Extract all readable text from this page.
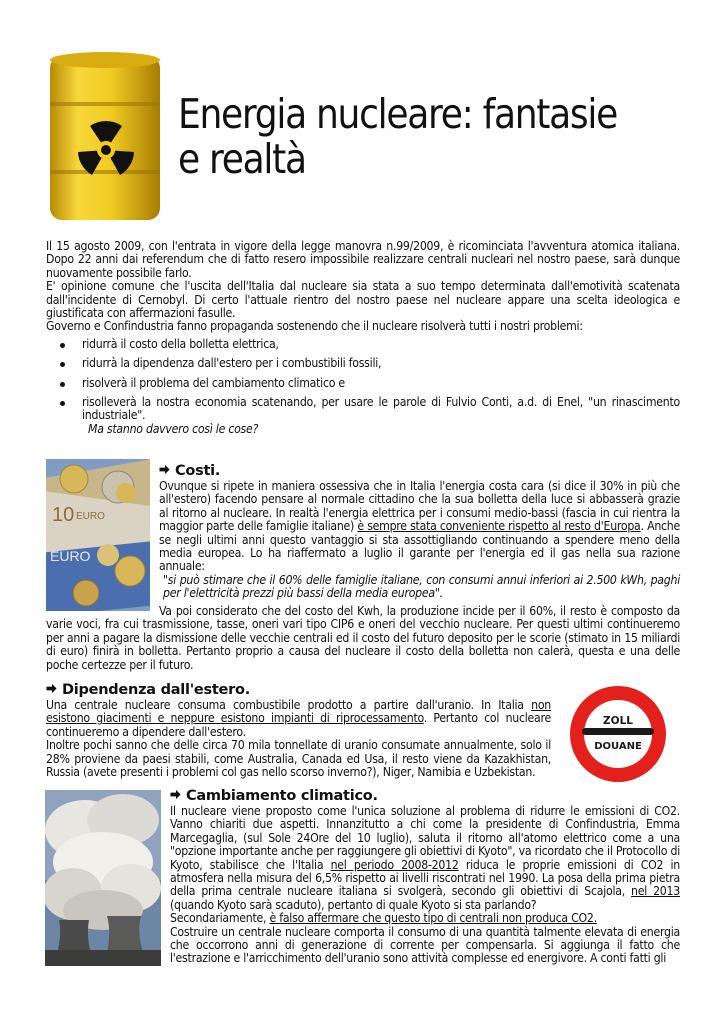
Energia nucleare: fantasie e realtà

Il 15 agosto 2009, con l'entrata in vigore della legge manovra n.99/2009, è ricominciata l'avventura atomica italiana. Dopo 22 anni dai referendum che di fatto resero impossibile realizzare centrali nucleari nel nostro paese, sarà dunque nuovamente possibile farlo.

E' opinione comune che l'uscita dell'Italia dal nucleare sia stata a suo tempo determinata dall'emotività scatenata dall'incidente di Cernobyl. Di certo l'attuale rientro del nostro paese nel nucleare appare una scelta ideologica e giustificata con affermazioni fasulle.

Governo e Confindustria fanno propaganda sostenendo che il nucleare risolverà tutti i nostri problemi:

ridurrà il costo della bolletta elettrica,
ridurrà la dipendenza dall'estero per i combustibili fossili,
risolverà il problema del cambiamento climatico e
risolleverà la nostra economia scatenando, per usare le parole di Fulvio Conti, a.d. di Enel, "un rinascimento industriale".

Ma stanno davvero così le cose?

10 EURO
EURO
Costi.

Ovunque si ripete in maniera ossessiva che in Italia l'energia costa cara (si dice il 30% in più che all'estero) facendo pensare al normale cittadino che la sua bolletta della luce si abbasserà grazie al ritorno al nucleare. In realtà l'energia elettrica per i consumi medio-bassi (fascia in cui rientra la maggior parte delle famiglie italiane) è sempre stata conveniente rispetto al resto d'Europa. Anche se negli ultimi anni questo vantaggio si sta assottigliando continuando a spendere meno della media europea. Lo ha riaffermato a luglio il garante per l'energia ed il gas nella sua razione annuale:

"si può stimare che il 60% delle famiglie italiane, con consumi annui inferiori ai 2.500 kWh, paghi per l'elettricità prezzi più bassi della media europea".

Va poi considerato che del costo del Kwh, la produzione incide per il 60%, il resto è composto da varie voci, fra cui trasmissione, tasse, oneri vari tipo CIP6 e oneri del vecchio nucleare. Per questi ultimi continueremo per anni a pagare la dismissione delle vecchie centrali ed il costo del futuro deposito per le scorie (stimato in 15 miliardi di euro) finirà in bolletta. Pertanto proprio a causa del nucleare il costo della bolletta non calerà, questa e una delle poche certezze per il futuro.

Dipendenza dall'estero.

Una centrale nucleare consuma combustibile prodotto a partire dall'uranio. In Italia non esistono giacimenti e neppure esistono impianti di riprocessamento. Pertanto col nucleare continueremo a dipendere dall'estero.

Inoltre pochi sanno che delle circa 70 mila tonnellate di uranio consumate annualmente, solo il 28% proviene da paesi stabili, come Australia, Canada ed Usa, il resto viene da Kazakhistan, Russia (avete presenti i problemi col gas nello scorso inverno?), Niger, Namibia e Uzbekistan.

ZOLL
DOUANE
Cambiamento climatico.

Il nucleare viene proposto come l'unica soluzione al problema di ridurre le emissioni di CO2. Vanno chiariti due aspetti. Innanzitutto a chi come la presidente di Confindustria, Emma Marcegaglia, (sul Sole 24Ore del 10 luglio), saluta il ritorno all'atomo elettrico come a una "opzione importante anche per raggiungere gli obiettivi di Kyoto", va ricordato che il Protocollo di Kyoto, stabilisce che l'Italia nel periodo 2008-2012 riduca le proprie emissioni di CO2 in atmosfera nella misura del 6,5% rispetto ai livelli riscontrati nel 1990. La posa della prima pietra della prima centrale nucleare italiana si svolgerà, secondo gli obiettivi di Scajola, nel 2013 (quando Kyoto sarà scaduto), pertanto di quale Kyoto si sta parlando?

Secondariamente, è falso affermare che questo tipo di centrali non produca CO2.

Costruire un centrale nucleare comporta il consumo di una quantità talmente elevata di energia che occorrono anni di generazione di corrente per compensarla. Si aggiunga il fatto che l'estrazione e l'arricchimento dell'uranio sono attività complesse ed energivore. A conti fatti gli
